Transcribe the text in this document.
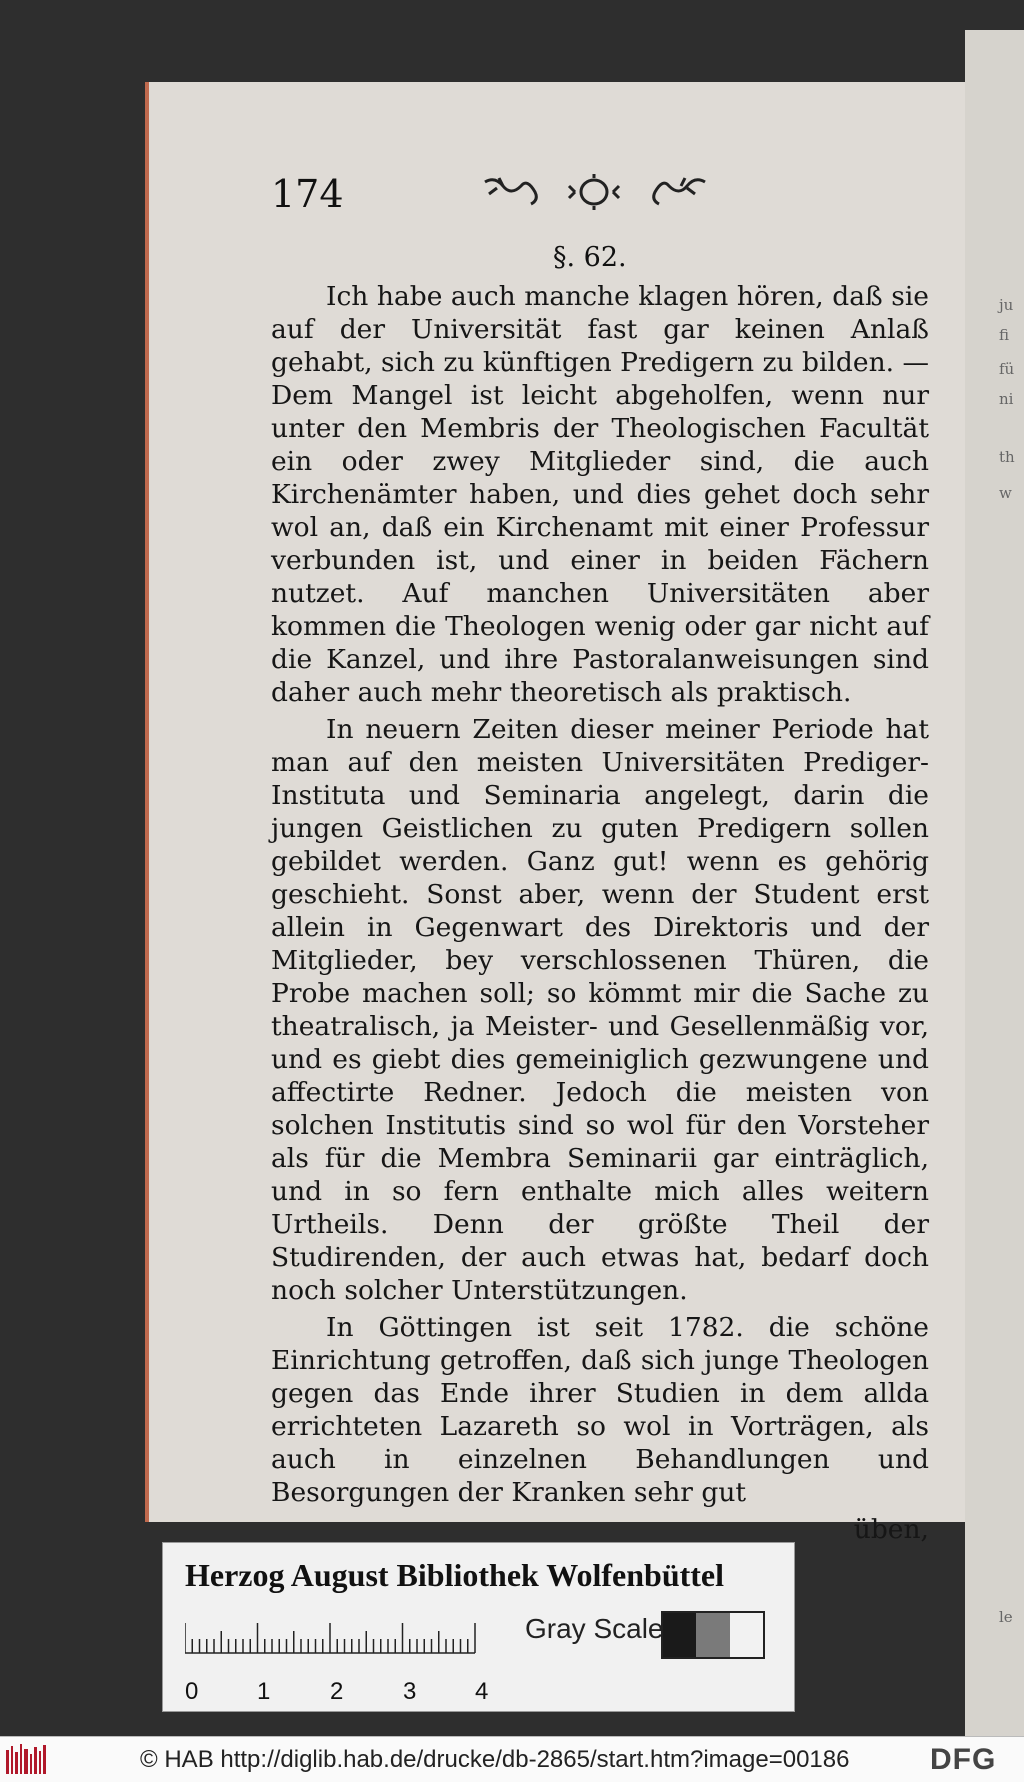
ju
fi
fü
ni
th
w
le
174
§. 62.

Ich habe auch manche klagen hören, daß sie auf der Universität fast gar keinen Anlaß gehabt, sich zu künftigen Predigern zu bilden. — Dem Mangel ist leicht abgeholfen, wenn nur unter den Membris der Theologischen Facultät ein oder zwey Mitglieder sind, die auch Kirchenämter haben, und dies gehet doch sehr wol an, daß ein Kirchenamt mit einer Professur verbunden ist, und einer in beiden Fächern nutzet. Auf manchen Universitäten aber kommen die Theologen wenig oder gar nicht auf die Kanzel, und ihre Pastoralanweisungen sind daher auch mehr theoretisch als praktisch.

In neuern Zeiten dieser meiner Periode hat man auf den meisten Universitäten Prediger-Instituta und Seminaria angelegt, darin die jungen Geistlichen zu guten Predigern sollen gebildet werden. Ganz gut! wenn es gehörig geschieht. Sonst aber, wenn der Student erst allein in Gegenwart des Direktoris und der Mitglieder, bey verschlossenen Thüren, die Probe machen soll; so kömmt mir die Sache zu theatralisch, ja Meister- und Gesellenmäßig vor, und es giebt dies gemeiniglich gezwungene und affectirte Redner. Jedoch die meisten von solchen Institutis sind so wol für den Vorsteher als für die Membra Seminarii gar einträglich, und in so fern enthalte mich alles weitern Urtheils. Denn der größte Theil der Studirenden, der auch etwas hat, bedarf doch noch solcher Unterstützungen.

In Göttingen ist seit 1782. die schöne Einrichtung getroffen, daß sich junge Theologen gegen das Ende ihrer Studien in dem allda errichteten Lazareth so wol in Vorträgen, als auch in einzelnen Behandlungen und Besorgungen der Kranken sehr gut

üben,

Herzog August Bibliothek Wolfenbüttel
0 1 2 3 4
Gray Scale
© HAB http://diglib.hab.de/drucke/db-2865/start.htm?image=00186	DFG
